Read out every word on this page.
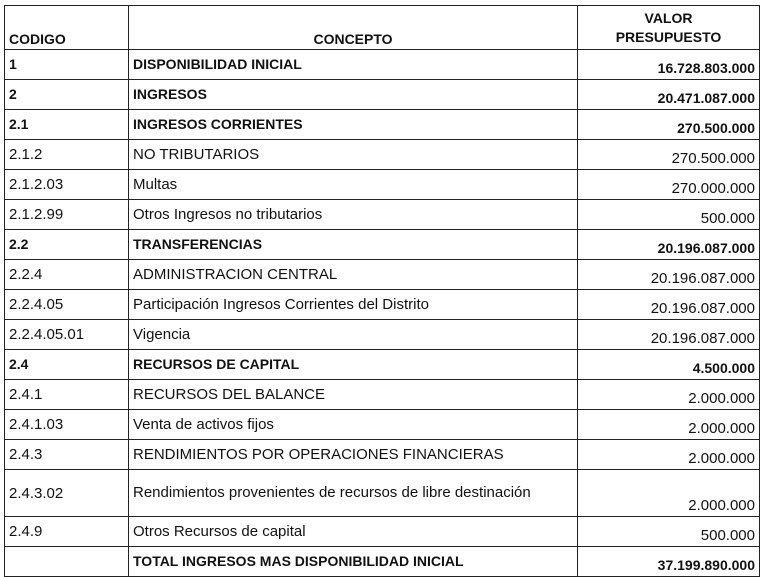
CODIGO	CONCEPTO	VALOR
PRESUPUESTO

1	DISPONIBILIDAD INICIAL	16.728.803.000
2	INGRESOS	20.471.087.000
2.1	INGRESOS CORRIENTES	270.500.000
2.1.2	NO TRIBUTARIOS	270.500.000
2.1.2.03	Multas	270.000.000
2.1.2.99	Otros Ingresos no tributarios	500.000
2.2	TRANSFERENCIAS	20.196.087.000
2.2.4	ADMINISTRACION CENTRAL	20.196.087.000
2.2.4.05	Participación Ingresos Corrientes del Distrito	20.196.087.000
2.2.4.05.01	Vigencia	20.196.087.000
2.4	RECURSOS DE CAPITAL	4.500.000
2.4.1	RECURSOS DEL BALANCE	2.000.000
2.4.1.03	Venta de activos fijos	2.000.000
2.4.3	RENDIMIENTOS POR OPERACIONES FINANCIERAS	2.000.000
2.4.3.02	Rendimientos provenientes de recursos de libre destinación	2.000.000
2.4.9	Otros Recursos de capital	500.000
	TOTAL INGRESOS MAS DISPONIBILIDAD INICIAL	37.199.890.000
